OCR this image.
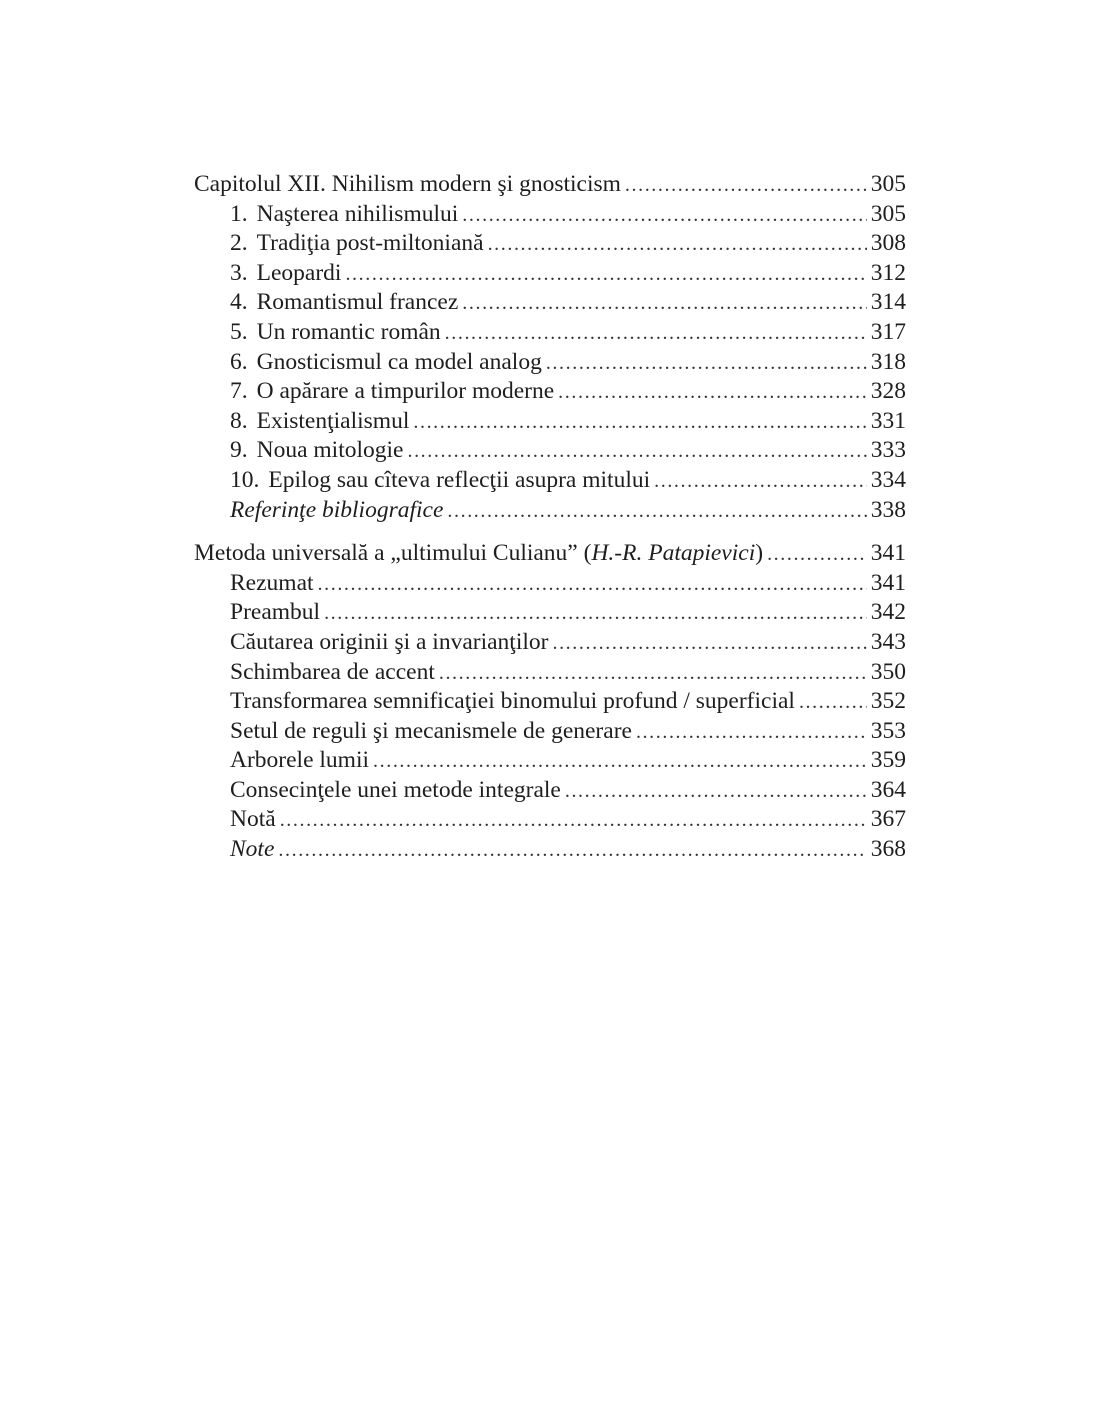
Capitolul XII. Nihilism modern şi gnosticism .....	305
1. Naşterea nihilismului .....	305
2. Tradiţia post-miltoniană .....	308
3. Leopardi .....	312
4. Romantismul francez .....	314
5. Un romantic român .....	317
6. Gnosticismul ca model analog .....	318
7. O apărare a timpurilor moderne .....	328
8. Existenţialismul .....	331
9. Noua mitologie .....	333
10. Epilog sau cîteva reflecţii asupra mitului .....	334
Referinţe bibliografice .....	338
Metoda universală a „ultimului Culianu” (H.-R. Patapievici) .....	341
Rezumat .....	341
Preambul .....	342
Căutarea originii şi a invarianţilor .....	343
Schimbarea de accent .....	350
Transformarea semnificaţiei binomului profund / superficial .....	352
Setul de reguli şi mecanismele de generare .....	353
Arborele lumii .....	359
Consecinţele unei metode integrale .....	364
Notă .....	367
Note .....	368
